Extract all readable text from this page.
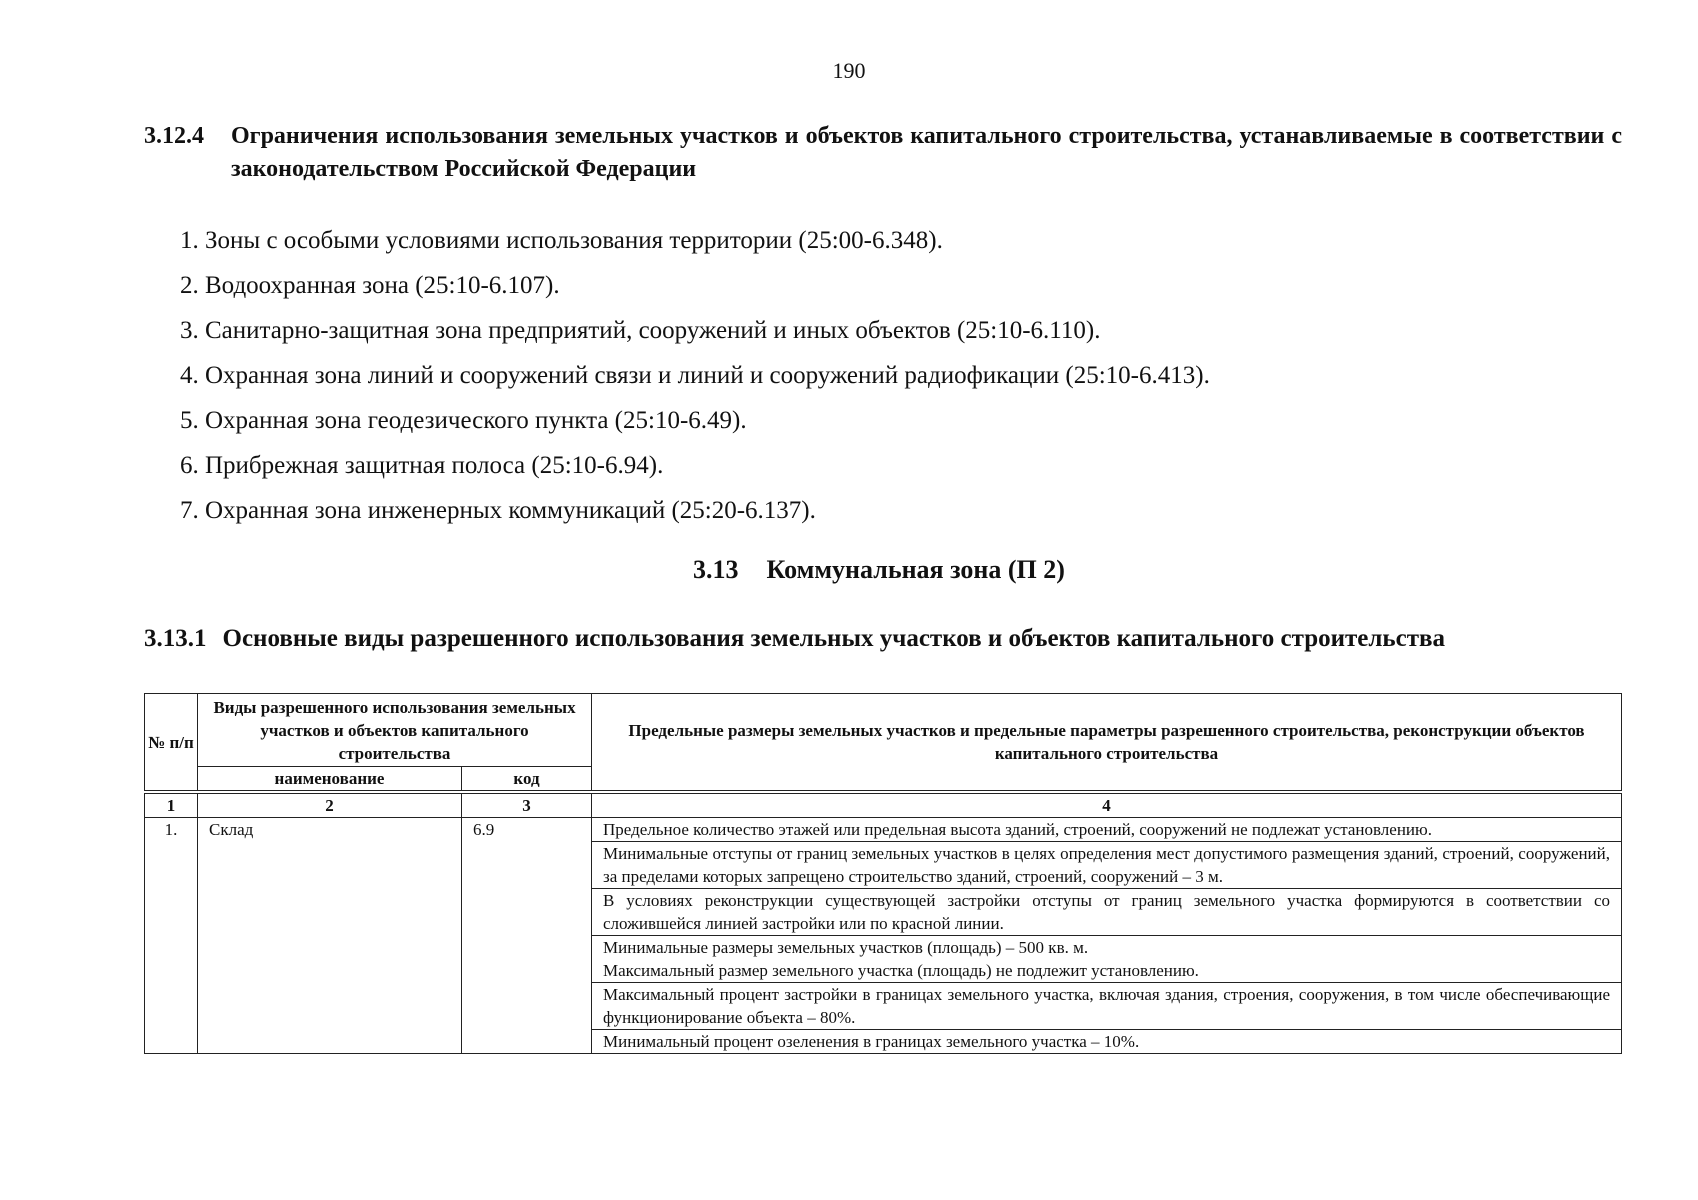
190
3.12.4 Ограничения использования земельных участков и объектов капитального строительства, устанавливаемые в соответствии с законодательством Российской Федерации
1. Зоны с особыми условиями использования территории (25:00-6.348).
2. Водоохранная зона (25:10-6.107).
3. Санитарно-защитная зона предприятий, сооружений и иных объектов (25:10-6.110).
4. Охранная зона линий и сооружений связи и линий и сооружений радиофикации (25:10-6.413).
5. Охранная зона геодезического пункта (25:10-6.49).
6. Прибрежная защитная полоса (25:10-6.94).
7. Охранная зона инженерных коммуникаций (25:20-6.137).
3.13 Коммунальная зона (П 2)
3.13.1 Основные виды разрешенного использования земельных участков и объектов капитального строительства
№ п/п	Виды разрешенного использования земельных участков и объектов капитального строительства		Предельные размеры земельных участков и предельные параметры разрешенного строительства, реконструкции объектов капитального строительства
	наименование	код	

1	2	3	4
1.	Склад	6.9	Предельное количество этажей или предельная высота зданий, строений, сооружений не подлежат установлению.
			Минимальные отступы от границ земельных участков в целях определения мест допустимого размещения зданий, строений, сооружений, за пределами которых запрещено строительство зданий, строений, сооружений – 3 м.
			В условиях реконструкции существующей застройки отступы от границ земельного участка формируются в соответствии со сложившейся линией застройки или по красной линии.

			Минимальные размеры земельных участков (площадь) – 500 кв. м.
Максимальный размер земельного участка (площадь) не подлежит установлению.

			Максимальный процент застройки в границах земельного участка, включая здания, строения, сооружения, в том числе обеспечивающие функционирование объекта – 80%.
			Минимальный процент озеленения в границах земельного участка – 10%.
